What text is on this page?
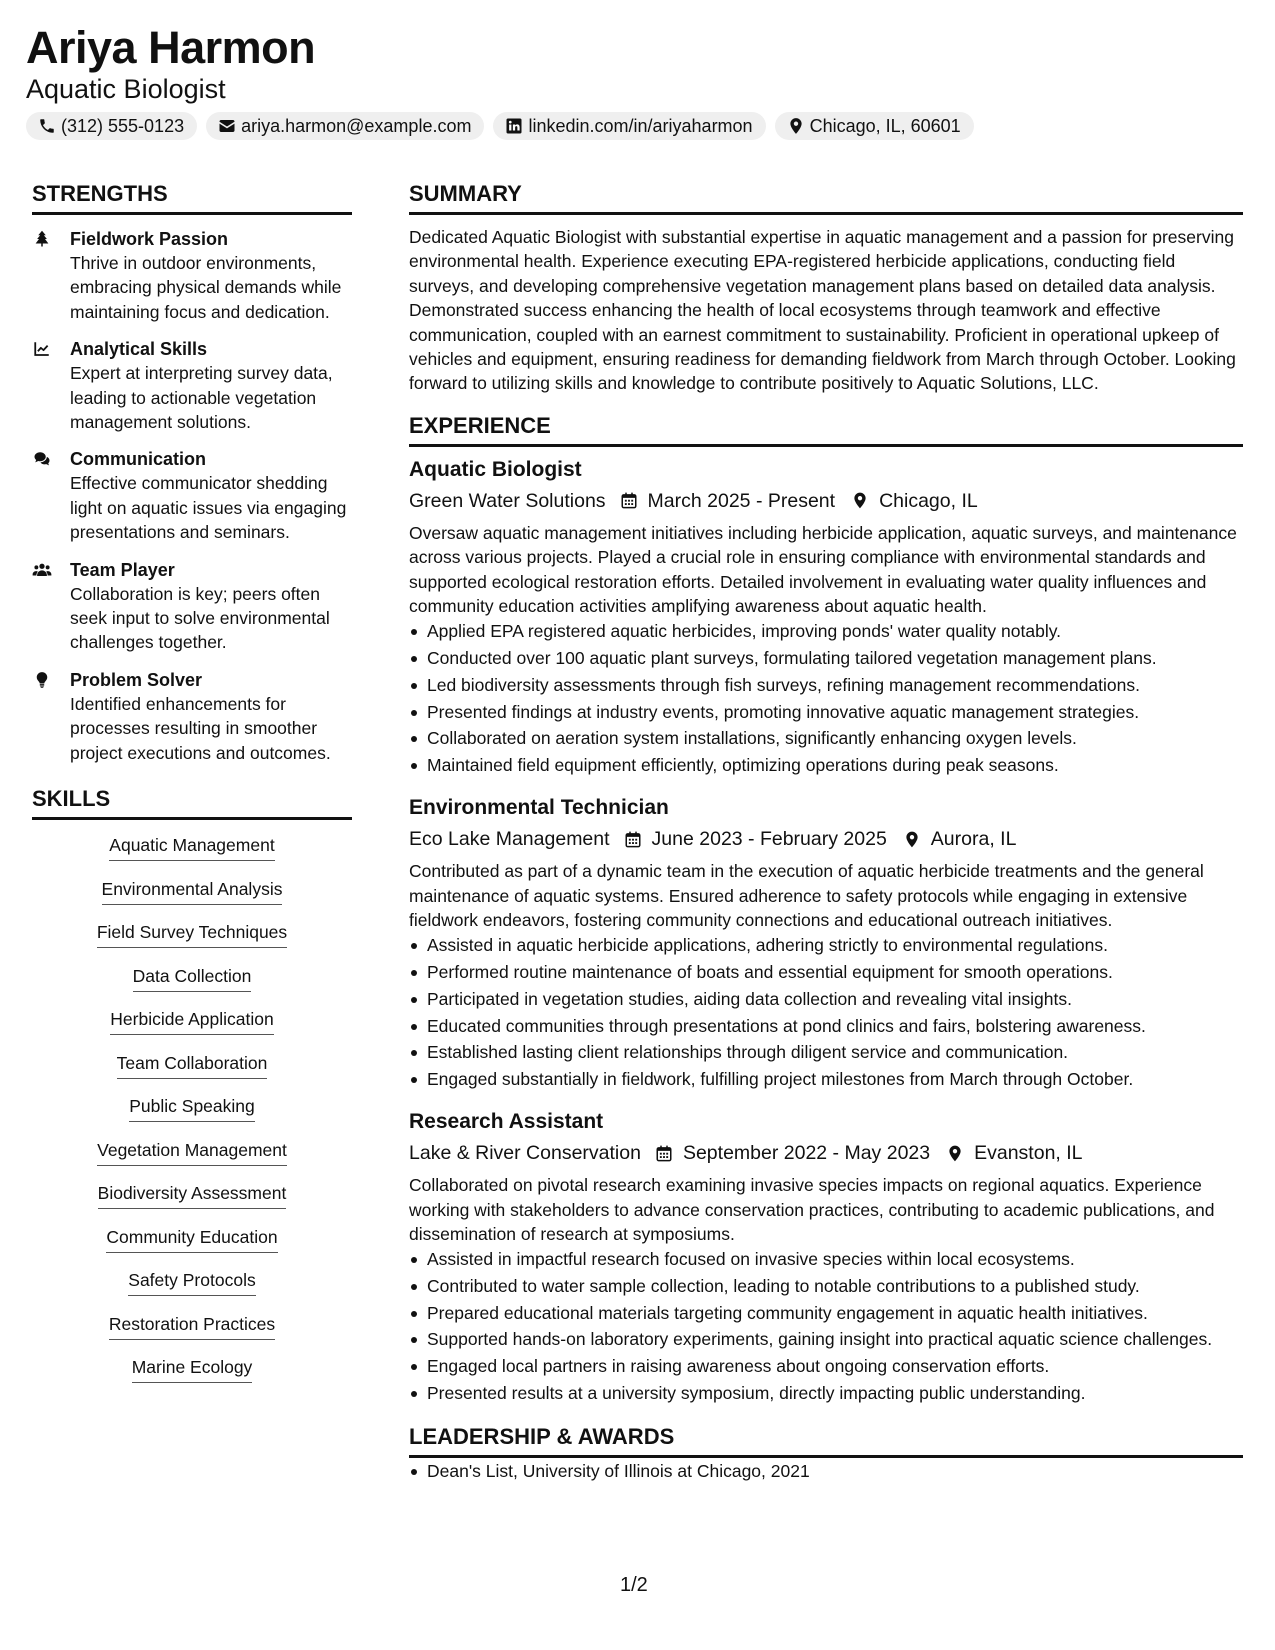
Ariya Harmon
Aquatic Biologist
(312) 555-0123	ariya.harmon@example.com	linkedin.com/in/ariyaharmon	Chicago, IL, 60601
STRENGTHS
Fieldwork Passion
Thrive in outdoor environments, embracing physical demands while maintaining focus and dedication.
Analytical Skills
Expert at interpreting survey data, leading to actionable vegetation management solutions.
Communication
Effective communicator shedding light on aquatic issues via engaging presentations and seminars.
Team Player
Collaboration is key; peers often seek input to solve environmental challenges together.
Problem Solver
Identified enhancements for processes resulting in smoother project executions and outcomes.
SKILLS
Aquatic Management
Environmental Analysis
Field Survey Techniques
Data Collection
Herbicide Application
Team Collaboration
Public Speaking
Vegetation Management
Biodiversity Assessment
Community Education
Safety Protocols
Restoration Practices
Marine Ecology
SUMMARY
Dedicated Aquatic Biologist with substantial expertise in aquatic management and a passion for preserving environmental health. Experience executing EPA-registered herbicide applications, conducting field surveys, and developing comprehensive vegetation management plans based on detailed data analysis. Demonstrated success enhancing the health of local ecosystems through teamwork and effective communication, coupled with an earnest commitment to sustainability. Proficient in operational upkeep of vehicles and equipment, ensuring readiness for demanding fieldwork from March through October. Looking forward to utilizing skills and knowledge to contribute positively to Aquatic Solutions, LLC.
EXPERIENCE
Aquatic Biologist
Green Water Solutions March 2025 - Present Chicago, IL
Oversaw aquatic management initiatives including herbicide application, aquatic surveys, and maintenance across various projects. Played a crucial role in ensuring compliance with environmental standards and supported ecological restoration efforts. Detailed involvement in evaluating water quality influences and community education activities amplifying awareness about aquatic health.
Applied EPA registered aquatic herbicides, improving ponds' water quality notably.
Conducted over 100 aquatic plant surveys, formulating tailored vegetation management plans.
Led biodiversity assessments through fish surveys, refining management recommendations.
Presented findings at industry events, promoting innovative aquatic management strategies.
Collaborated on aeration system installations, significantly enhancing oxygen levels.
Maintained field equipment efficiently, optimizing operations during peak seasons.
Environmental Technician
Eco Lake Management June 2023 - February 2025 Aurora, IL
Contributed as part of a dynamic team in the execution of aquatic herbicide treatments and the general maintenance of aquatic systems. Ensured adherence to safety protocols while engaging in extensive fieldwork endeavors, fostering community connections and educational outreach initiatives.
Assisted in aquatic herbicide applications, adhering strictly to environmental regulations.
Performed routine maintenance of boats and essential equipment for smooth operations.
Participated in vegetation studies, aiding data collection and revealing vital insights.
Educated communities through presentations at pond clinics and fairs, bolstering awareness.
Established lasting client relationships through diligent service and communication.
Engaged substantially in fieldwork, fulfilling project milestones from March through October.
Research Assistant
Lake & River Conservation September 2022 - May 2023 Evanston, IL
Collaborated on pivotal research examining invasive species impacts on regional aquatics. Experience working with stakeholders to advance conservation practices, contributing to academic publications, and dissemination of research at symposiums.
Assisted in impactful research focused on invasive species within local ecosystems.
Contributed to water sample collection, leading to notable contributions to a published study.
Prepared educational materials targeting community engagement in aquatic health initiatives.
Supported hands-on laboratory experiments, gaining insight into practical aquatic science challenges.
Engaged local partners in raising awareness about ongoing conservation efforts.
Presented results at a university symposium, directly impacting public understanding.
LEADERSHIP & AWARDS
Dean's List, University of Illinois at Chicago, 2021
1/2
